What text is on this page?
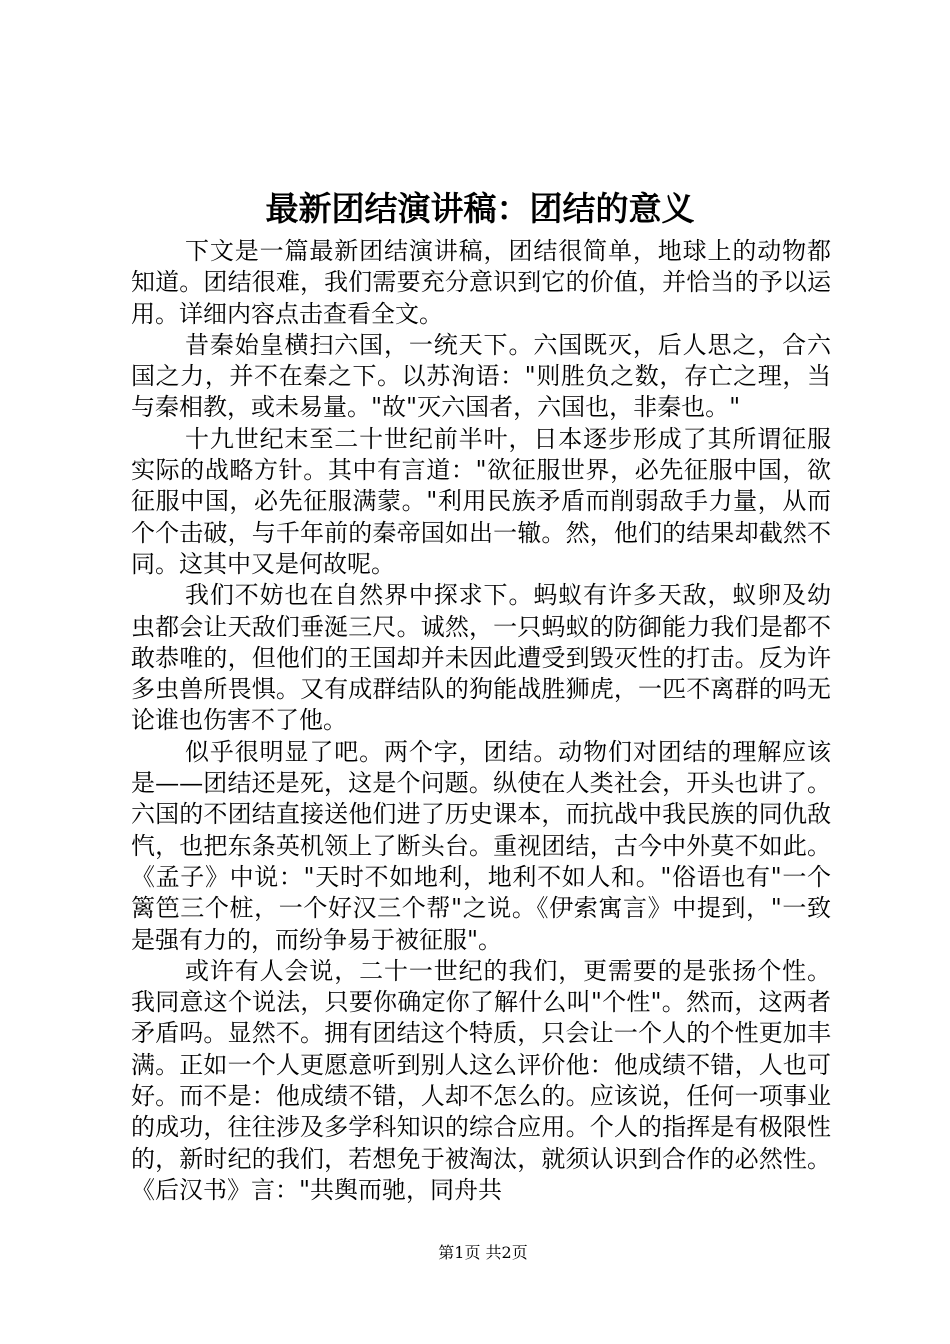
最新团结演讲稿：团结的意义

下文是一篇最新团结演讲稿，团结很简单，地球上的动物都知道。团结很难，我们需要充分意识到它的价值，并恰当的予以运用。详细内容点击查看全文。

昔秦始皇横扫六国，一统天下。六国既灭，后人思之，合六国之力，并不在秦之下。以苏洵语："则胜负之数，存亡之理，当与秦相教，或未易量。"故"灭六国者，六国也，非秦也。"

十九世纪末至二十世纪前半叶，日本逐步形成了其所谓征服实际的战略方针。其中有言道："欲征服世界，必先征服中国，欲征服中国，必先征服满蒙。"利用民族矛盾而削弱敌手力量，从而个个击破，与千年前的秦帝国如出一辙。然，他们的结果却截然不同。这其中又是何故呢。

我们不妨也在自然界中探求下。蚂蚁有许多天敌，蚁卵及幼虫都会让天敌们垂涎三尺。诚然，一只蚂蚁的防御能力我们是都不敢恭唯的，但他们的王国却并未因此遭受到毁灭性的打击。反为许多虫兽所畏惧。又有成群结队的狗能战胜狮虎，一匹不离群的吗无论谁也伤害不了他。

似乎很明显了吧。两个字，团结。动物们对团结的理解应该是——团结还是死，这是个问题。纵使在人类社会，开头也讲了。六国的不团结直接送他们进了历史课本，而抗战中我民族的同仇敌忾，也把东条英机领上了断头台。重视团结，古今中外莫不如此。《孟子》中说："天时不如地利，地利不如人和。"俗语也有"一个篱笆三个桩，一个好汉三个帮"之说。《伊索寓言》中提到，"一致是强有力的，而纷争易于被征服"。

或许有人会说，二十一世纪的我们，更需要的是张扬个性。我同意这个说法，只要你确定你了解什么叫"个性"。然而，这两者矛盾吗。显然不。拥有团结这个特质，只会让一个人的个性更加丰满。正如一个人更愿意听到别人这么评价他：他成绩不错，人也可好。而不是：他成绩不错，人却不怎么的。应该说，任何一项事业的成功，往往涉及多学科知识的综合应用。个人的指挥是有极限性的，新时纪的我们，若想免于被淘汰，就须认识到合作的必然性。《后汉书》言："共舆而驰，同舟共

第1页 共2页
